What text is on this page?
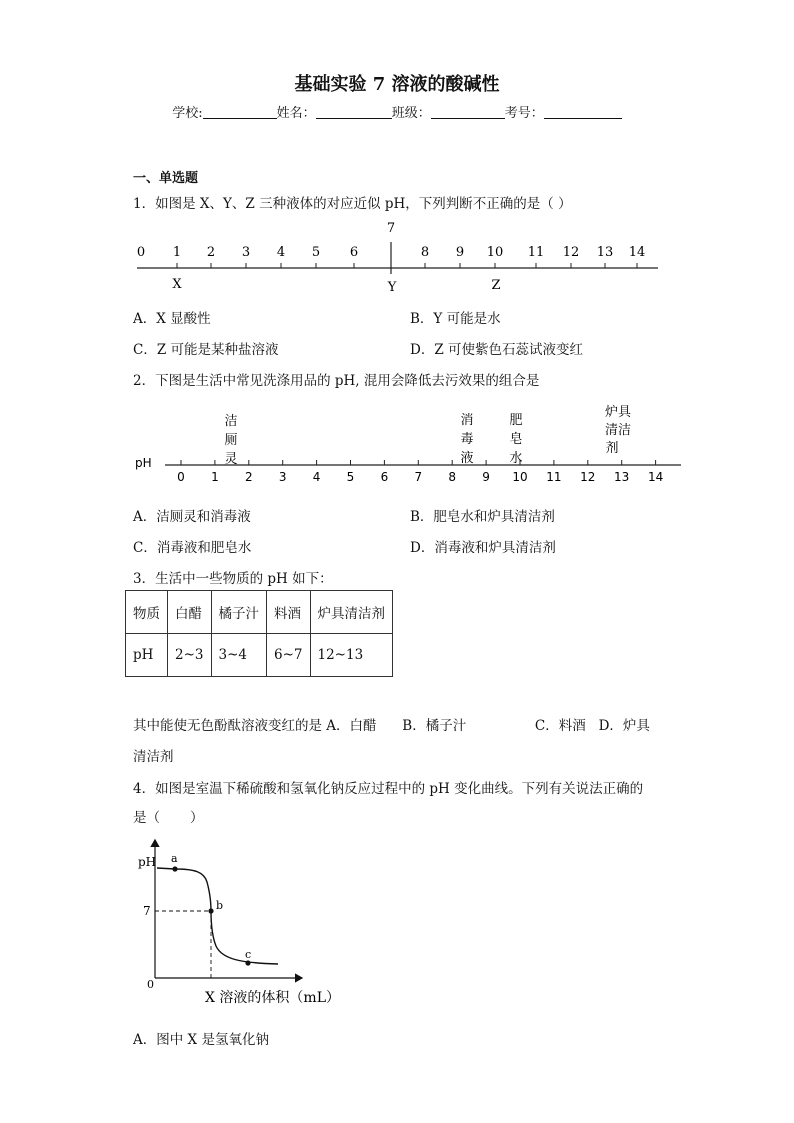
基础实验 7 溶液的酸碱性
学校:	姓名：	班级：	考号：
一、单选题
1．如图是 X、Y、Z 三种液体的对应近似 pH，下列判断不正确的是（ ）
0 1 2 3 4 5 6
7
8 9 10 11 12 13 14
X	Y	Z
A．X 显酸性	B．Y 可能是水
C．Z 可能是某种盐溶液	D．Z 可使紫色石蕊试液变红
2．下图是生活中常见洗涤用品的 pH, 混用会降低去污效果的组合是
pH
0 1 2 3 4 5 6 7 8 9 10 11 12 13 14
洁
厕
灵
消
毒
液
肥
皂
水
炉具
清洁
剂
A．洁厕灵和消毒液	B．肥皂水和炉具清洁剂
C．消毒液和肥皂水	D．消毒液和炉具清洁剂
3．生活中一些物质的 pH 如下：
物质	白醋	橘子汁	料酒	炉具清洁剂
pH	2~3	3~4	6~7	12~13
其中能使无色酚酞溶液变红的是 A．白醋      B．橘子汁                C．料酒   D．炉具
清洁剂
4．如图是室温下稀硫酸和氢氧化钠反应过程中的 pH 变化曲线。下列有关说法正确的
是（       ）
pH
7
0
a
b
c
X 溶液的体积（mL）
A．图中 X 是氢氧化钠
